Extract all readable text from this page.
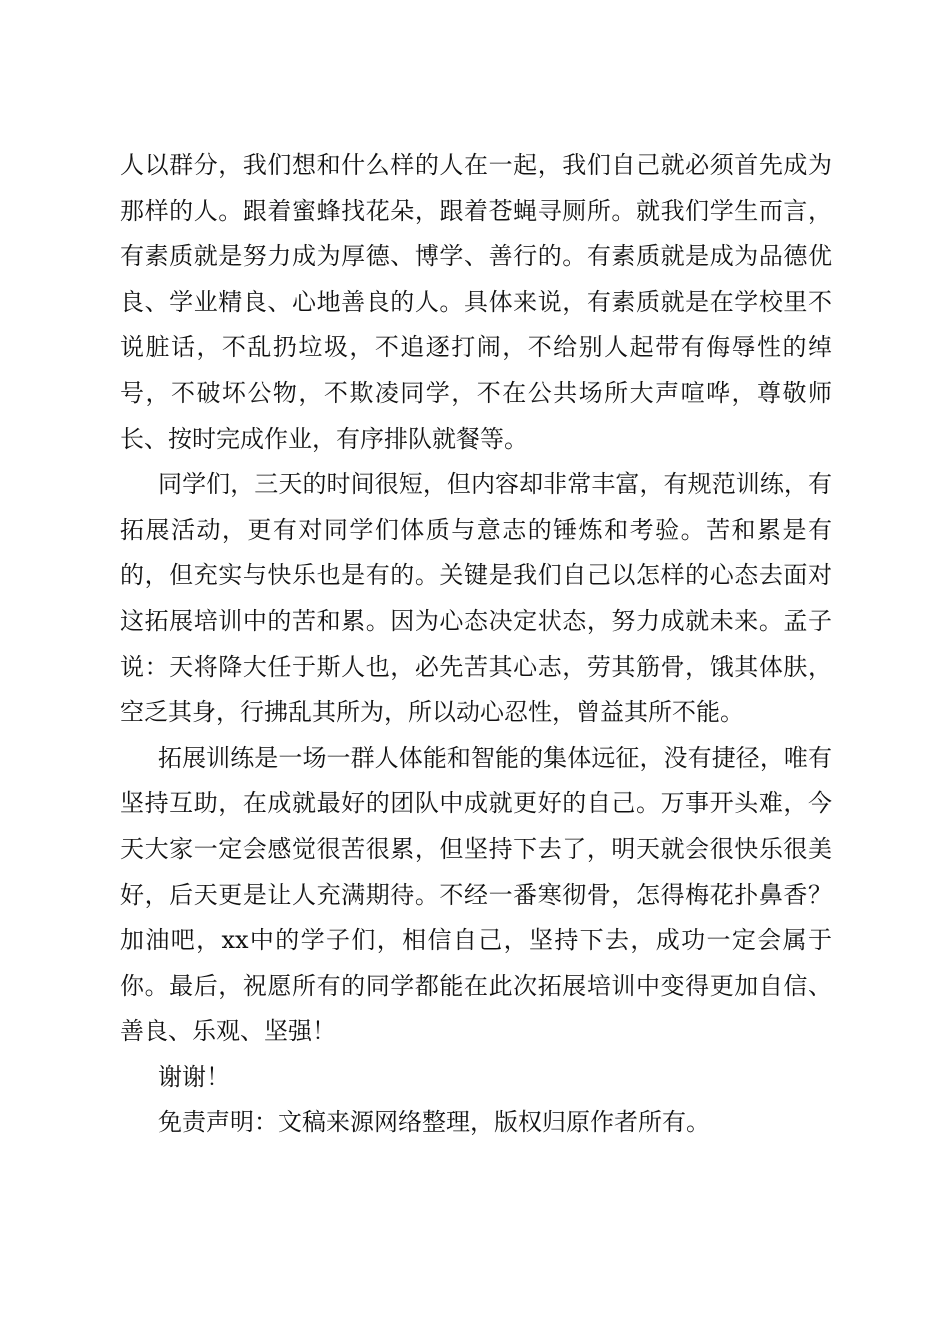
人以群分，我们想和什么样的人在一起，我们自己就必须首先成为那样的人。跟着蜜蜂找花朵，跟着苍蝇寻厕所。就我们学生而言，有素质就是努力成为厚德、博学、善行的。有素质就是成为品德优良、学业精良、心地善良的人。具体来说，有素质就是在学校里不说脏话，不乱扔垃圾，不追逐打闹，不给别人起带有侮辱性的绰号，不破坏公物，不欺凌同学，不在公共场所大声喧哗，尊敬师长、按时完成作业，有序排队就餐等。

同学们，三天的时间很短，但内容却非常丰富，有规范训练，有拓展活动，更有对同学们体质与意志的锤炼和考验。苦和累是有的，但充实与快乐也是有的。关键是我们自己以怎样的心态去面对这拓展培训中的苦和累。因为心态决定状态，努力成就未来。孟子说：天将降大任于斯人也，必先苦其心志，劳其筋骨，饿其体肤，空乏其身，行拂乱其所为，所以动心忍性，曾益其所不能。

拓展训练是一场一群人体能和智能的集体远征，没有捷径，唯有坚持互助，在成就最好的团队中成就更好的自己。万事开头难，今天大家一定会感觉很苦很累，但坚持下去了，明天就会很快乐很美好，后天更是让人充满期待。不经一番寒彻骨，怎得梅花扑鼻香？加油吧，xx中的学子们，相信自己，坚持下去，成功一定会属于你。最后，祝愿所有的同学都能在此次拓展培训中变得更加自信、善良、乐观、坚强！

谢谢！

免责声明：文稿来源网络整理，版权归原作者所有。
